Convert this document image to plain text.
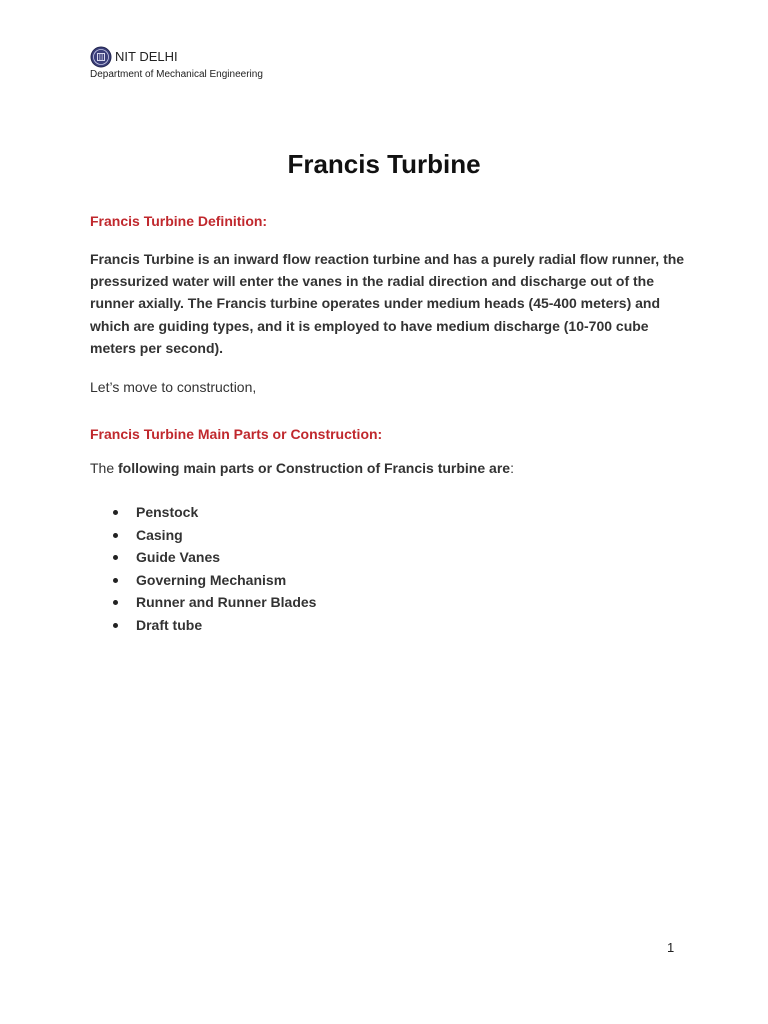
NIT DELHI
Department of Mechanical Engineering
Francis Turbine
Francis Turbine Definition:

Francis Turbine is an inward flow reaction turbine and has a purely radial flow runner, the pressurized water will enter the vanes in the radial direction and discharge out of the runner axially. The Francis turbine operates under medium heads (45-400 meters) and which are guiding types, and it is employed to have medium discharge (10-700 cube meters per second).

Let’s move to construction,

Francis Turbine Main Parts or Construction:

The following main parts or Construction of Francis turbine are:

Penstock
Casing
Guide Vanes
Governing Mechanism
Runner and Runner Blades
Draft tube
1
